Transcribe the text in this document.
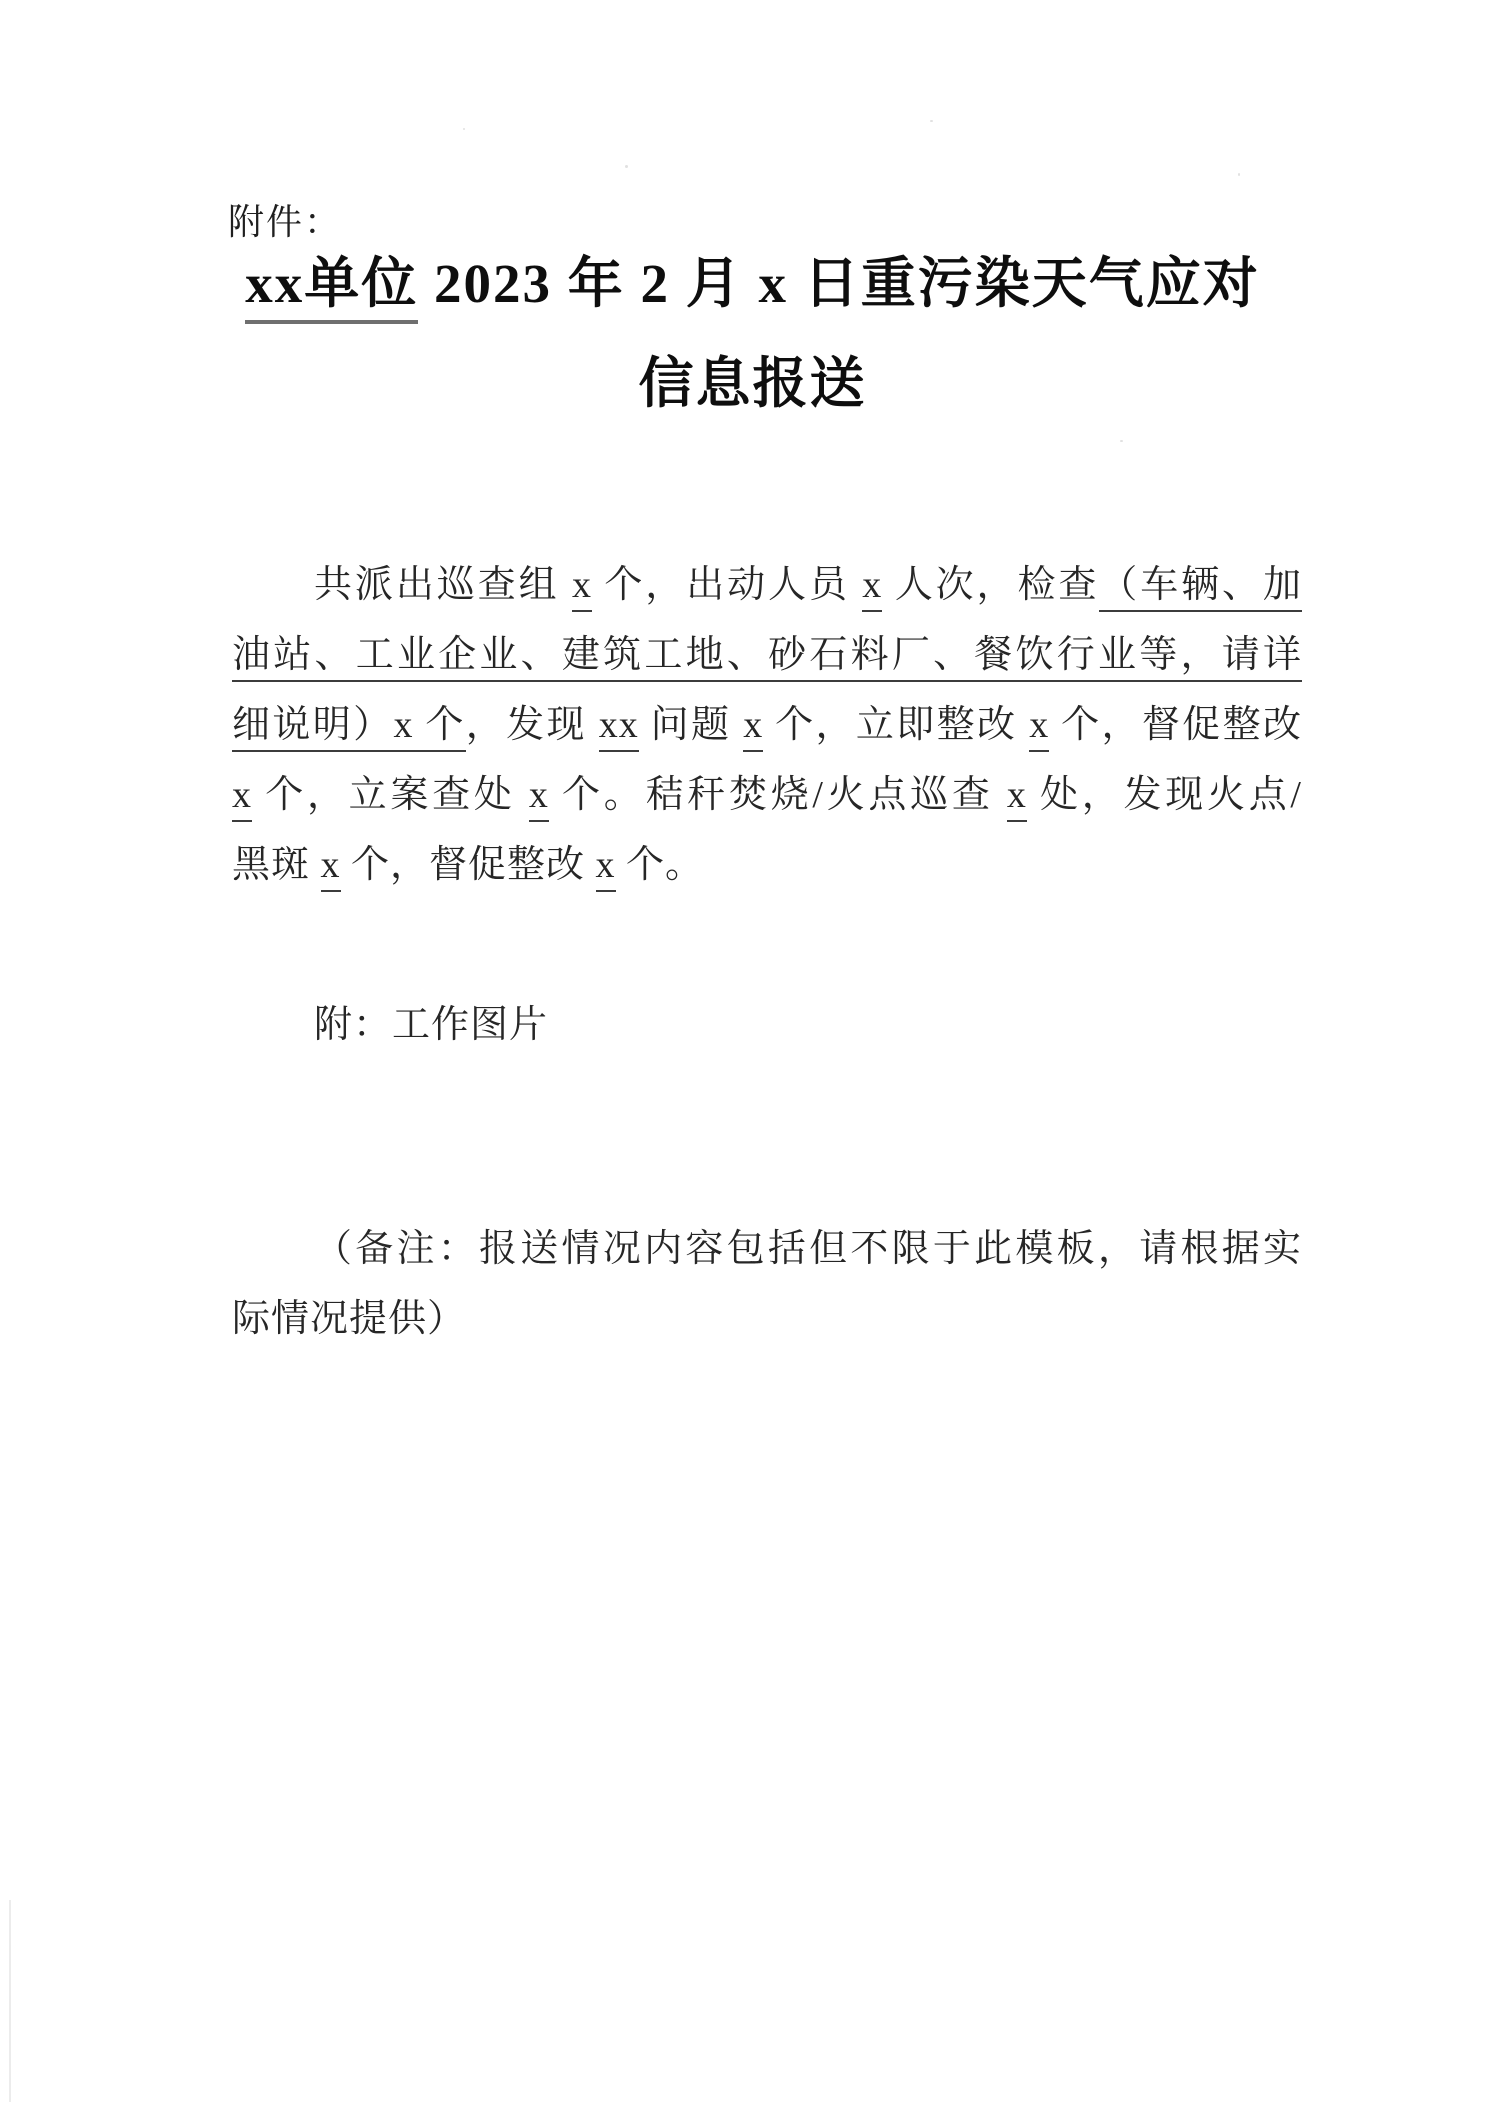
附件：
xx单位 2023 年 2 月 x 日重污染天气应对
信息报送
共派出巡查组 x 个，出动人员 x 人次，检查（车辆、加
油站、工业企业、建筑工地、砂石料厂、餐饮行业等，请详
细说明）x 个，发现 xx 问题 x 个，立即整改 x 个，督促整改
x 个，立案查处 x 个。秸秆焚烧/火点巡查 x 处，发现火点/
黑斑 x 个，督促整改 x 个。
附：工作图片
（备注：报送情况内容包括但不限于此模板，请根据实
际情况提供）
